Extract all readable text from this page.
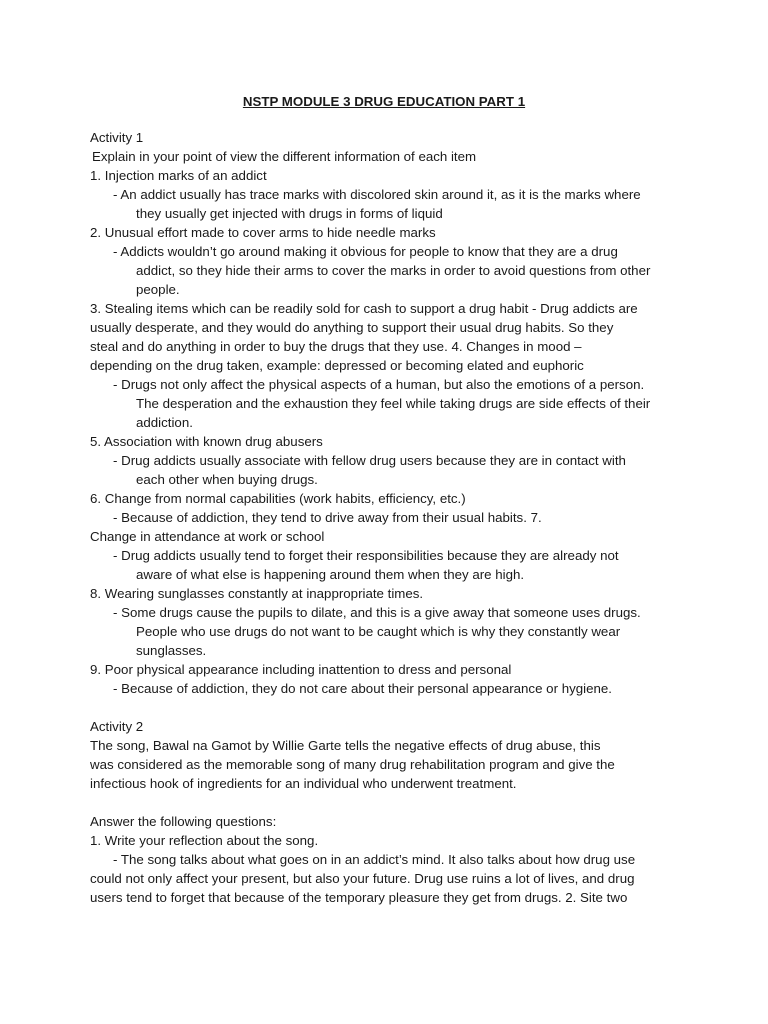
NSTP MODULE 3 DRUG EDUCATION PART 1
Activity 1
Explain in your point of view the different information of each item
1. Injection marks of an addict
- An addict usually has trace marks with discolored skin around it, as it is the marks where
they usually get injected with drugs in forms of liquid
2. Unusual effort made to cover arms to hide needle marks
- Addicts wouldn’t go around making it obvious for people to know that they are a drug
addict, so they hide their arms to cover the marks in order to avoid questions from other
people.
3. Stealing items which can be readily sold for cash to support a drug habit - Drug addicts are
usually desperate, and they would do anything to support their usual drug habits. So they
steal and do anything in order to buy the drugs that they use. 4. Changes in mood –
depending on the drug taken, example: depressed or becoming elated and euphoric
- Drugs not only affect the physical aspects of a human, but also the emotions of a person.
The desperation and the exhaustion they feel while taking drugs are side effects of their
addiction.
5. Association with known drug abusers
- Drug addicts usually associate with fellow drug users because they are in contact with
each other when buying drugs.
6. Change from normal capabilities (work habits, efficiency, etc.)
- Because of addiction, they tend to drive away from their usual habits. 7.
Change in attendance at work or school
- Drug addicts usually tend to forget their responsibilities because they are already not
aware of what else is happening around them when they are high.
8. Wearing sunglasses constantly at inappropriate times.
- Some drugs cause the pupils to dilate, and this is a give away that someone uses drugs.
People who use drugs do not want to be caught which is why they constantly wear
sunglasses.
9. Poor physical appearance including inattention to dress and personal
- Because of addiction, they do not care about their personal appearance or hygiene.
Activity 2
The song, Bawal na Gamot by Willie Garte tells the negative effects of drug abuse, this
was considered as the memorable song of many drug rehabilitation program and give the
infectious hook of ingredients for an individual who underwent treatment.
Answer the following questions:
1. Write your reflection about the song.
- The song talks about what goes on in an addict’s mind. It also talks about how drug use
could not only affect your present, but also your future. Drug use ruins a lot of lives, and drug
users tend to forget that because of the temporary pleasure they get from drugs. 2. Site two
